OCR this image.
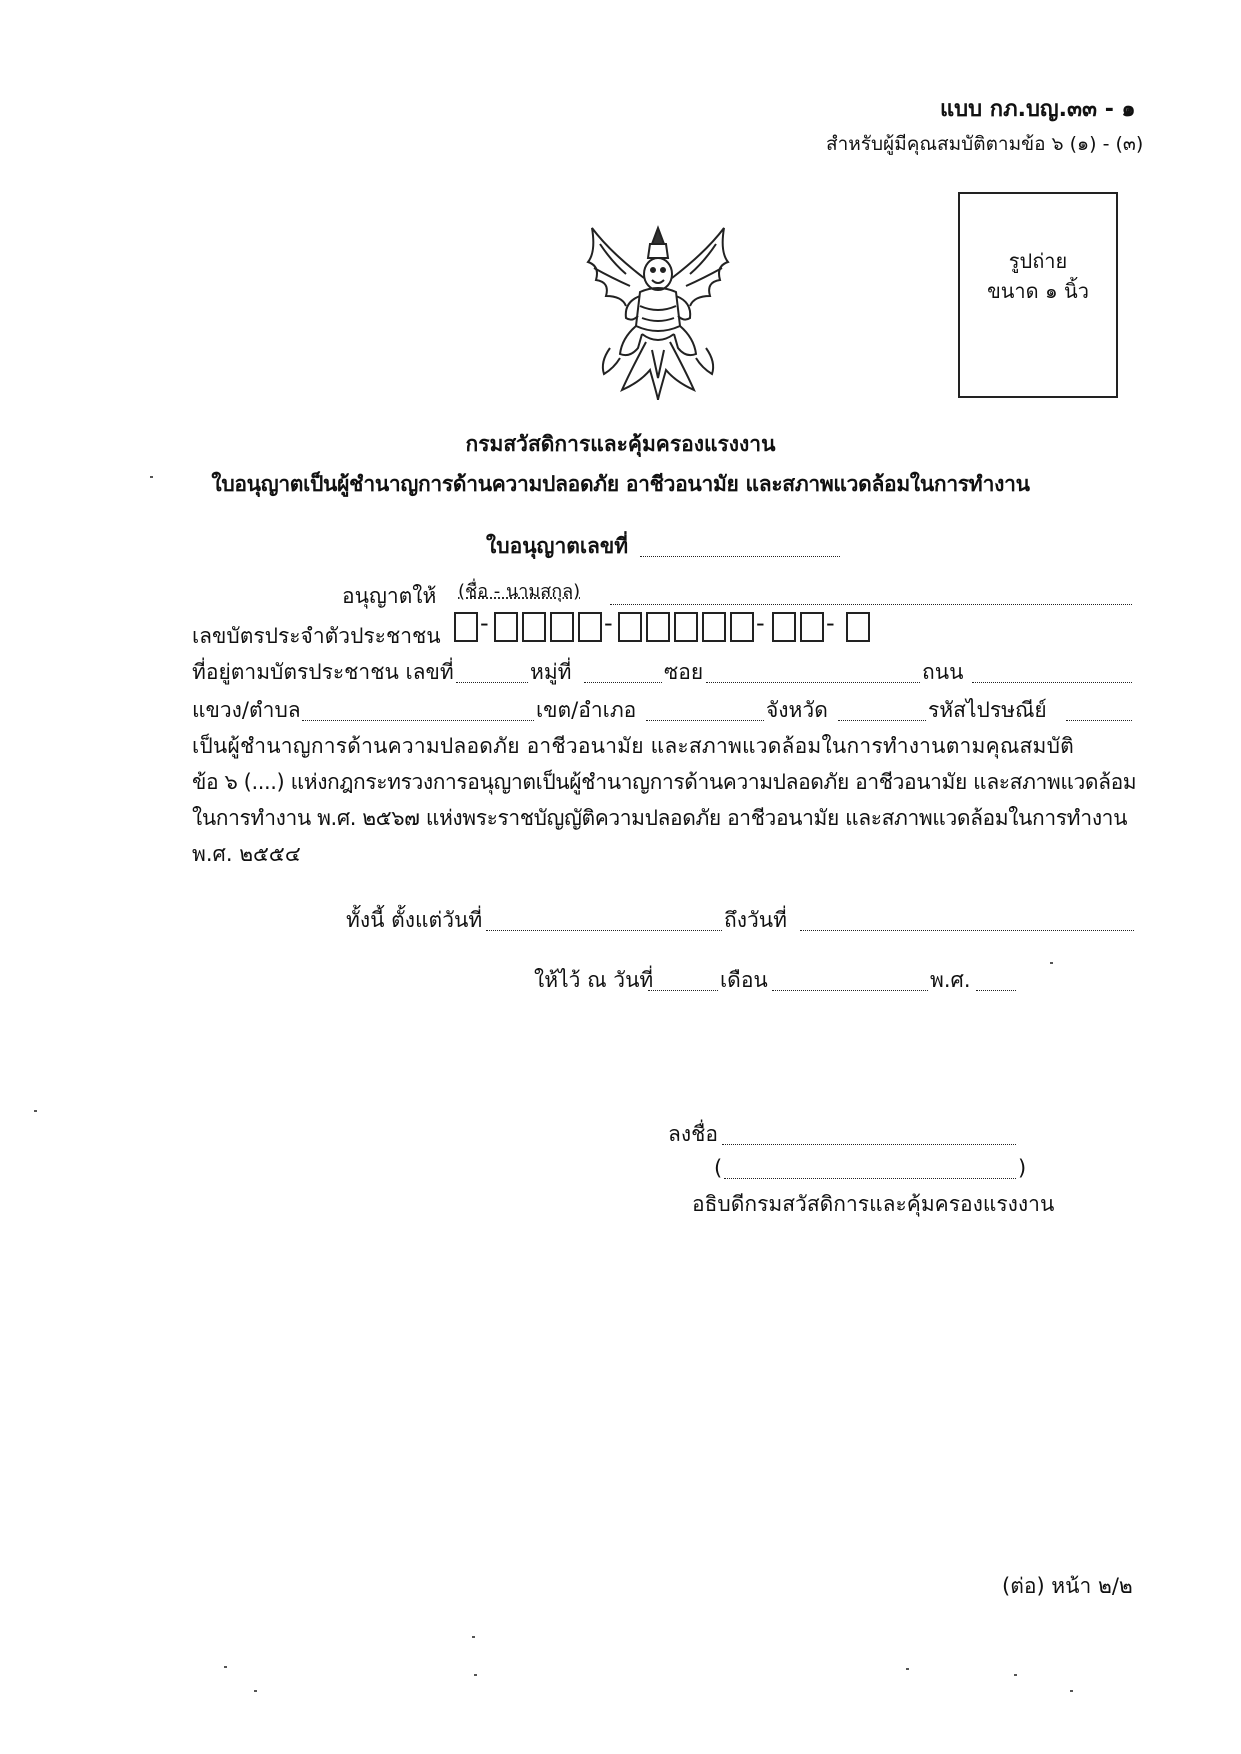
แบบ กภ.บญ.๓๓ - ๑
สำหรับผู้มีคุณสมบัติตามข้อ ๖ (๑) - (๓)
รูปถ่าย
ขนาด ๑ นิ้ว
กรมสวัสดิการและคุ้มครองแรงงาน
ใบอนุญาตเป็นผู้ชำนาญการด้านความปลอดภัย อาชีวอนามัย และสภาพแวดล้อมในการทำงาน
ใบอนุญาตเลขที่
อนุญาตให้ (ชื่อ - นามสกุล)
เลขบัตรประจำตัวประชาชน -	-	-	-
ที่อยู่ตามบัตรประชาชน เลขที่	หมู่ที่	ซอย	ถนน
แขวง/ตำบล	เขต/อำเภอ	จังหวัด	รหัสไปรษณีย์
เป็นผู้ชำนาญการด้านความปลอดภัย อาชีวอนามัย และสภาพแวดล้อมในการทำงานตามคุณสมบัติ
ข้อ ๖ (....) แห่งกฎกระทรวงการอนุญาตเป็นผู้ชำนาญการด้านความปลอดภัย อาชีวอนามัย และสภาพแวดล้อม
ในการทำงาน พ.ศ. ๒๕๖๗ แห่งพระราชบัญญัติความปลอดภัย อาชีวอนามัย และสภาพแวดล้อมในการทำงาน
พ.ศ. ๒๕๕๔
ทั้งนี้ ตั้งแต่วันที่	ถึงวันที่
ให้ไว้ ณ วันที่	เดือน	พ.ศ.
ลงชื่อ
(	)
อธิบดีกรมสวัสดิการและคุ้มครองแรงงาน
(ต่อ) หน้า ๒/๒
